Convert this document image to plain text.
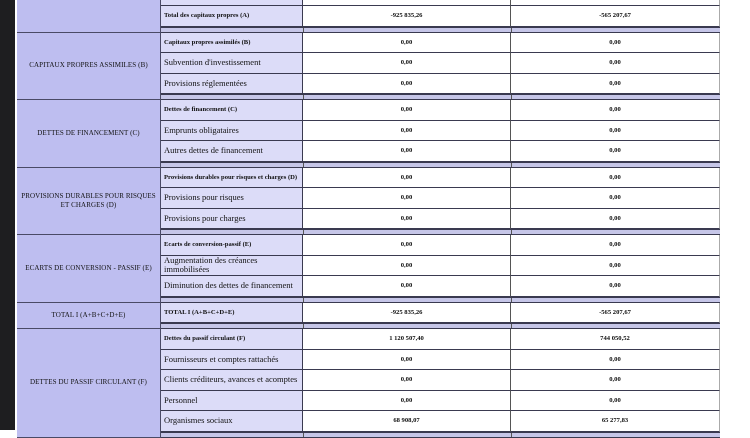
Total des capitaux propres (A)	-925 835,26	-565 207,67
CAPITAUX PROPRES ASSIMILES (B)
Capitaux propres assimilés (B)	0,00	0,00
Subvention d'investissement	0,00	0,00
Provisions réglementées	0,00	0,00
DETTES DE FINANCEMENT (C)
Dettes de financement (C)	0,00	0,00
Emprunts obligataires	0,00	0,00
Autres dettes de financement	0,00	0,00
PROVISIONS DURABLES POUR RISQUES ET CHARGES (D)
Provisions durables pour risques et charges (D)	0,00	0,00
Provisions pour risques	0,00	0,00
Provisions pour charges	0,00	0,00
ECARTS DE CONVERSION - PASSIF (E)
Ecarts de conversion-passif (E)	0,00	0,00
Augmentation des créances immobilisées	0,00	0,00
Diminution des dettes de financement	0,00	0,00
TOTAL I (A+B+C+D+E)	TOTAL I (A+B+C+D+E)	-925 835,26	-565 207,67
DETTES DU PASSIF CIRCULANT (F)
Dettes du passif circulant (F)	1 120 507,40	744 050,52
Fournisseurs et comptes rattachés	0,00	0,00
Clients créditeurs, avances et acomptes	0,00	0,00
Personnel	0,00	0,00
Organismes sociaux	68 908,07	65 277,83
